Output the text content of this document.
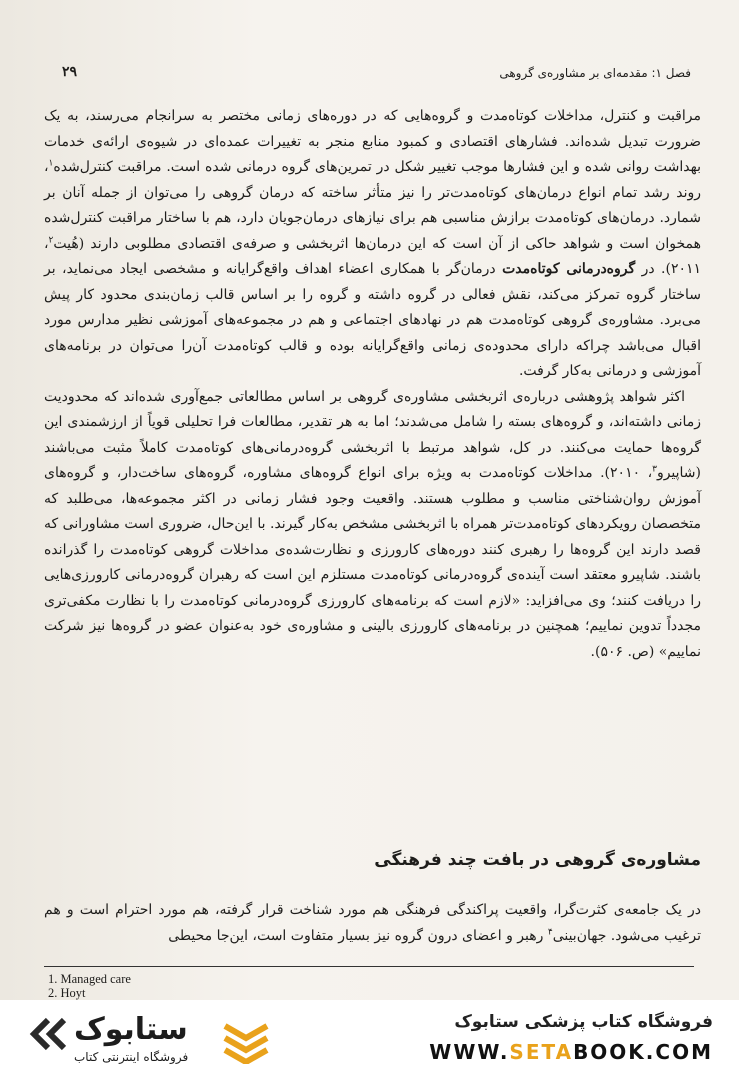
فصل ۱: مقدمه‌ای بر مشاوره‌ی گروهی
۲۹

مراقبت و کنترل، مداخلات کوتاه‌مدت و گروه‌هایی که در دوره‌های زمانی مختصر به سرانجام می‌رسند، به یک ضرورت تبدیل شده‌اند. فشارهای اقتصادی و کمبود منابع منجر به تغییرات عمده‌ای در شیوه‌ی ارائه‌ی خدمات بهداشت روانی شده و این فشارها موجب تغییر شکل در تمرین‌های گروه درمانی شده است. مراقبت کنترل‌شده$^۱$، روند رشد تمام انواع درمان‌های کوتاه‌مدت‌تر را نیز متأثر ساخته که درمان گروهی را می‌توان از جمله آنان بر شمارد. درمان‌های کوتاه‌مدت برازش مناسبی هم برای نیازهای درمان‌جویان دارد، هم با ساختار مراقبت کنترل‌شده همخوان است و شواهد حاکی از آن است که این درمان‌ها اثربخشی و صرفه‌ی اقتصادی مطلوبی دارند (هُیت$^۲$، ۲۰۱۱). در گروه‌درمانی کوتاه‌مدت درمان‌گر با همکاری اعضاء اهداف واقع‌گرایانه و مشخصی ایجاد می‌نماید، بر ساختار گروه تمرکز می‌کند، نقش فعالی در گروه داشته و گروه را بر اساس قالب زمان‌بندی محدود کار پیش می‌برد. مشاوره‌ی گروهی کوتاه‌مدت هم در نهادهای اجتماعی و هم در مجموعه‌های آموزشی نظیر مدارس مورد اقبال می‌باشد چراکه دارای محدوده‌ی زمانی واقع‌گرایانه بوده و قالب کوتاه‌مدت آن‌را می‌توان در برنامه‌های آموزشی و درمانی به‌کار گرفت.

اکثر شواهد پژوهشی درباره‌ی اثربخشی مشاوره‌ی گروهی بر اساس مطالعاتی جمع‌آوری شده‌اند که محدودیت زمانی داشته‌اند، و گروه‌های بسته را شامل می‌شدند؛ اما به هر تقدیر، مطالعات فرا تحلیلی قویاً از ارزشمندی این گروه‌ها حمایت می‌کنند. در کل، شواهد مرتبط با اثربخشی گروه‌درمانی‌های کوتاه‌مدت کاملاً مثبت می‌باشند (شاپیرو$^۳$، ۲۰۱۰). مداخلات کوتاه‌مدت به ویژه برای انواع گروه‌های مشاوره، گروه‌های ساخت‌دار، و گروه‌های آموزش روان‌شناختی مناسب و مطلوب هستند. واقعیت وجود فشار زمانی در اکثر مجموعه‌ها، می‌طلبد که متخصصان رویکردهای کوتاه‌مدت‌تر همراه با اثربخشی مشخص به‌کار گیرند. با این‌حال، ضروری است مشاورانی که قصد دارند این گروه‌ها را رهبری کنند دوره‌های کارورزی و نظارت‌شده‌ی مداخلات گروهی کوتاه‌مدت را گذرانده باشند. شاپیرو معتقد است آینده‌ی گروه‌درمانی کوتاه‌مدت مستلزم این است که رهبران گروه‌درمانی کارورزی‌هایی را دریافت کنند؛ وی می‌افزاید: «لازم است که برنامه‌های کارورزی گروه‌درمانی کوتاه‌مدت را با نظارت مکفی‌تری مجدداً تدوین نماییم؛ همچنین در برنامه‌های کارورزی بالینی و مشاوره‌ی خود به‌عنوان عضو در گروه‌ها نیز شرکت نماییم» (ص. ۵۰۶).

مشاوره‌ی گروهی در بافت چند فرهنگی
در یک جامعه‌ی کثرت‌گرا، واقعیت پراکندگی فرهنگی هم مورد شناخت قرار گرفته، هم مورد احترام است و هم ترغیب می‌شود. جهان‌بینی$^۴$ رهبر و اعضای درون گروه نیز بسیار متفاوت است، این‌جا محیطی
1. Managed care
2. Hoyt
ستابوک
فروشگاه اینترنتی کتاب
فروشگاه کتاب پزشکی ستابوک
WWW.SETABOOK.COM
